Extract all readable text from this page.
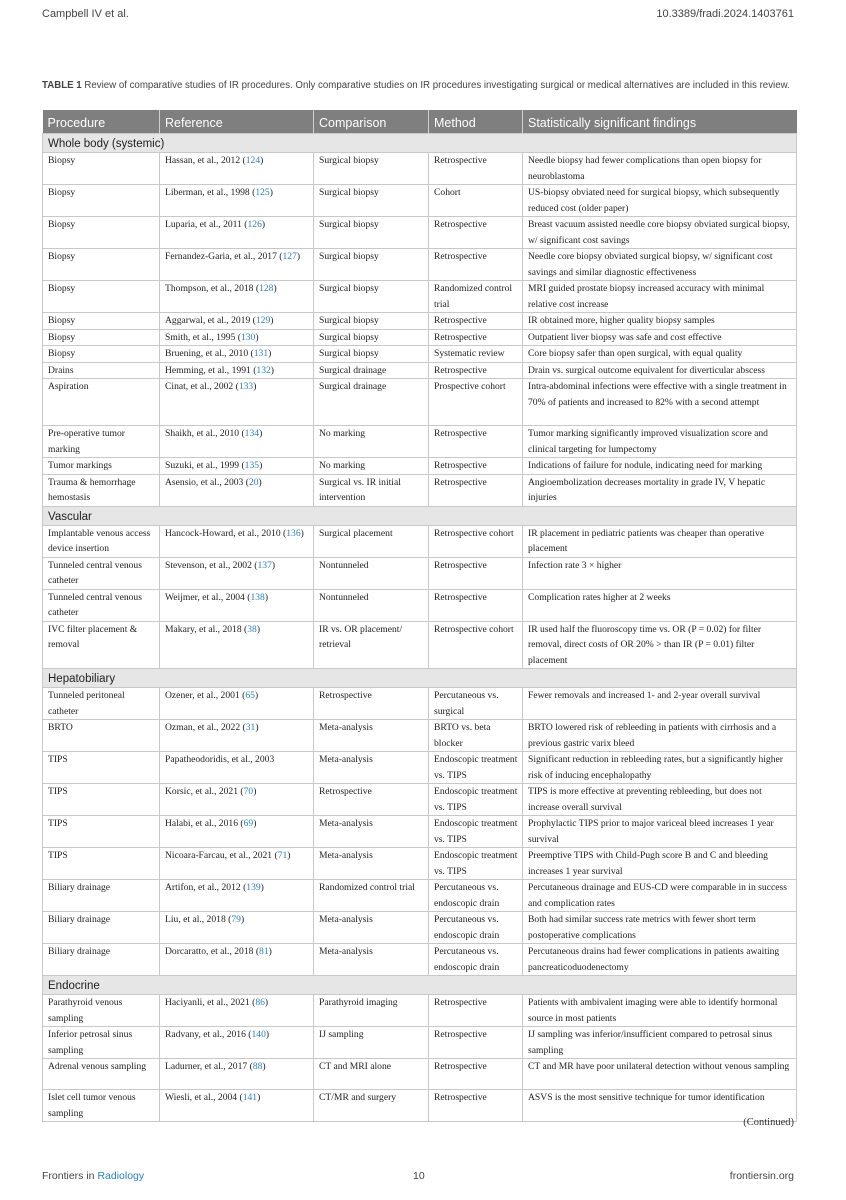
Campbell IV et al.	10.3389/fradi.2024.1403761
TABLE 1 Review of comparative studies of IR procedures. Only comparative studies on IR procedures investigating surgical or medical alternatives are included in this review.
Procedure	Reference	Comparison	Method	Statistically significant findings
Whole body (systemic)				
Biopsy	Hassan, et al., 2012 (124)	Surgical biopsy	Retrospective	Needle biopsy had fewer complications than open biopsy for neuroblastoma
Biopsy	Liberman, et al., 1998 (125)	Surgical biopsy	Cohort	US-biopsy obviated need for surgical biopsy, which subsequently reduced cost (older paper)
Biopsy	Luparia, et al., 2011 (126)	Surgical biopsy	Retrospective	Breast vacuum assisted needle core biopsy obviated surgical biopsy, w/ significant cost savings
Biopsy	Fernandez-Garia, et al., 2017 (127)	Surgical biopsy	Retrospective	Needle core biopsy obviated surgical biopsy, w/ significant cost savings and similar diagnostic effectiveness
Biopsy	Thompson, et al., 2018 (128)	Surgical biopsy	Randomized control trial	MRI guided prostate biopsy increased accuracy with minimal relative cost increase
Biopsy	Aggarwal, et al., 2019 (129)	Surgical biopsy	Retrospective	IR obtained more, higher quality biopsy samples
Biopsy	Smith, et al., 1995 (130)	Surgical biopsy	Retrospective	Outpatient liver biopsy was safe and cost effective
Biopsy	Bruening, et al., 2010 (131)	Surgical biopsy	Systematic review	Core biopsy safer than open surgical, with equal quality
Drains	Hemming, et al., 1991 (132)	Surgical drainage	Retrospective	Drain vs. surgical outcome equivalent for diverticular abscess
Aspiration	Cinat, et al., 2002 (133)	Surgical drainage	Prospective cohort	Intra-abdominal infections were effective with a single treatment in 70% of patients and increased to 82% with a second attempt
Pre-operative tumor marking	Shaikh, et al., 2010 (134)	No marking	Retrospective	Tumor marking significantly improved visualization score and clinical targeting for lumpectomy
Tumor markings	Suzuki, et al., 1999 (135)	No marking	Retrospective	Indications of failure for nodule, indicating need for marking
Trauma & hemorrhage hemostasis	Asensio, et al., 2003 (20)	Surgical vs. IR initial intervention	Retrospective	Angioembolization decreases mortality in grade IV, V hepatic injuries
Vascular				
Implantable venous access device insertion	Hancock-Howard, et al., 2010 (136)	Surgical placement	Retrospective cohort	IR placement in pediatric patients was cheaper than operative placement
Tunneled central venous catheter	Stevenson, et al., 2002 (137)	Nontunneled	Retrospective	Infection rate 3 × higher
Tunneled central venous catheter	Weijmer, et al., 2004 (138)	Nontunneled	Retrospective	Complication rates higher at 2 weeks
IVC filter placement & removal	Makary, et al., 2018 (38)	IR vs. OR placement/ retrieval	Retrospective cohort	IR used half the fluoroscopy time vs. OR (P = 0.02) for filter removal, direct costs of OR 20% > than IR (P = 0.01) filter placement
Hepatobiliary				
Tunneled peritoneal catheter	Ozener, et al., 2001 (65)	Retrospective	Percutaneous vs. surgical	Fewer removals and increased 1- and 2-year overall survival
BRTO	Ozman, et al., 2022 (31)	Meta-analysis	BRTO vs. beta blocker	BRTO lowered risk of rebleeding in patients with cirrhosis and a previous gastric varix bleed
TIPS	Papatheodoridis, et al., 2003	Meta-analysis	Endoscopic treatment vs. TIPS	Significant reduction in rebleeding rates, but a significantly higher risk of inducing encephalopathy
TIPS	Korsic, et al., 2021 (70)	Retrospective	Endoscopic treatment vs. TIPS	TIPS is more effective at preventing rebleeding, but does not increase overall survival
TIPS	Halabi, et al., 2016 (69)	Meta-analysis	Endoscopic treatment vs. TIPS	Prophylactic TIPS prior to major variceal bleed increases 1 year survival
TIPS	Nicoara-Farcau, et al., 2021 (71)	Meta-analysis	Endoscopic treatment vs. TIPS	Preemptive TIPS with Child-Pugh score B and C and bleeding increases 1 year survival
Biliary drainage	Artifon, et al., 2012 (139)	Randomized control trial	Percutaneous vs. endoscopic drain	Percutaneous drainage and EUS-CD were comparable in in success and complication rates
Biliary drainage	Liu, et al., 2018 (79)	Meta-analysis	Percutaneous vs. endoscopic drain	Both had similar success rate metrics with fewer short term postoperative complications
Biliary drainage	Dorcaratto, et al., 2018 (81)	Meta-analysis	Percutaneous vs. endoscopic drain	Percutaneous drains had fewer complications in patients awaiting pancreaticoduodenectomy
Endocrine				
Parathyroid venous sampling	Haciyanli, et al., 2021 (86)	Parathyroid imaging	Retrospective	Patients with ambivalent imaging were able to identify hormonal source in most patients
Inferior petrosal sinus sampling	Radvany, et al., 2016 (140)	IJ sampling	Retrospective	IJ sampling was inferior/insufficient compared to petrosal sinus sampling
Adrenal venous sampling	Ladurner, et al., 2017 (88)	CT and MRI alone	Retrospective	CT and MR have poor unilateral detection without venous sampling
Islet cell tumor venous sampling	Wiesli, et al., 2004 (141)	CT/MR and surgery	Retrospective	ASVS is the most sensitive technique for tumor identification
(Continued)
Frontiers in Radiology	10	frontiersin.org
